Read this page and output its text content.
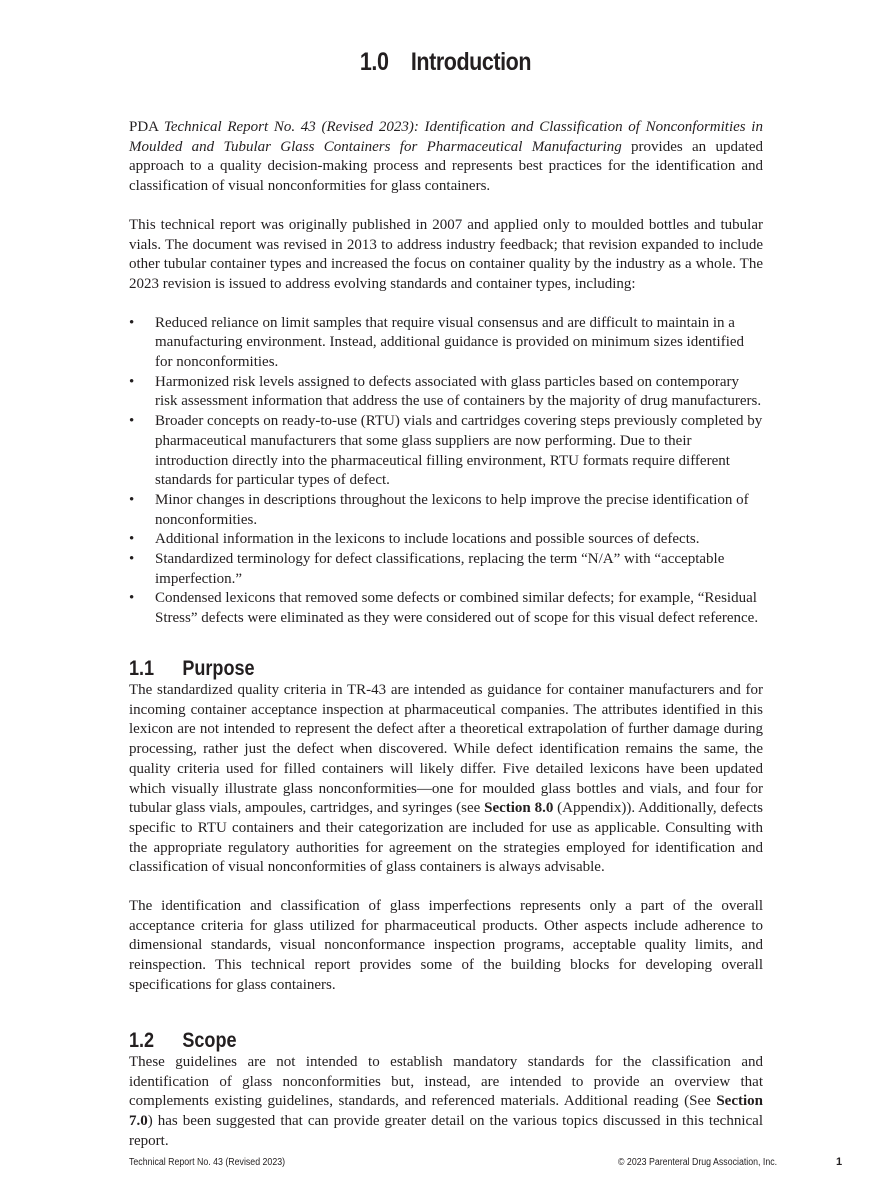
1.0 Introduction

PDA Technical Report No. 43 (Revised 2023): Identification and Classification of Nonconformities in Moulded and Tubular Glass Containers for Pharmaceutical Manufacturing provides an updated approach to a quality decision-making process and represents best practices for the identification and classification of visual nonconformities for glass containers.

This technical report was originally published in 2007 and applied only to moulded bottles and tubular vials. The document was revised in 2013 to address industry feedback; that revision expanded to include other tubular container types and increased the focus on container quality by the industry as a whole. The 2023 revision is issued to address evolving standards and container types, including:

• Reduced reliance on limit samples that require visual consensus and are difficult to maintain in a manufacturing environment. Instead, additional guidance is provided on minimum sizes identified for nonconformities.
• Harmonized risk levels assigned to defects associated with glass particles based on contemporary risk assessment information that address the use of containers by the majority of drug manufacturers.
• Broader concepts on ready-to-use (RTU) vials and cartridges covering steps previously completed by pharmaceutical manufacturers that some glass suppliers are now performing. Due to their introduction directly into the pharmaceutical filling environment, RTU formats require different standards for particular types of defect.
• Minor changes in descriptions throughout the lexicons to help improve the precise identification of nonconformities.
• Additional information in the lexicons to include locations and possible sources of defects.
• Standardized terminology for defect classifications, replacing the term “N/A” with “acceptable imperfection.”
• Condensed lexicons that removed some defects or combined similar defects; for example, “Residual Stress” defects were eliminated as they were considered out of scope for this visual defect reference.
1.1 Purpose

The standardized quality criteria in TR-43 are intended as guidance for container manufacturers and for incoming container acceptance inspection at pharmaceutical companies. The attributes identified in this lexicon are not intended to represent the defect after a theoretical extrapolation of further damage during processing, rather just the defect when discovered. While defect identification remains the same, the quality criteria used for filled containers will likely differ. Five detailed lexicons have been updated which visually illustrate glass nonconformities—one for moulded glass bottles and vials, and four for tubular glass vials, ampoules, cartridges, and syringes (see Section 8.0 (Appendix)). Additionally, defects specific to RTU containers and their categorization are included for use as applicable. Consulting with the appropriate regulatory authorities for agreement on the strategies employed for identification and classification of visual nonconformities of glass containers is always advisable.

The identification and classification of glass imperfections represents only a part of the overall acceptance criteria for glass utilized for pharmaceutical products. Other aspects include adherence to dimensional standards, visual nonconformance inspection programs, acceptable quality limits, and reinspection. This technical report provides some of the building blocks for developing overall specifications for glass containers.

1.2 Scope

These guidelines are not intended to establish mandatory standards for the classification and identification of glass nonconformities but, instead, are intended to provide an overview that complements existing guidelines, standards, and referenced materials. Additional reading (See Section 7.0) has been suggested that can provide greater detail on the various topics discussed in this technical report.

Technical Report No. 43 (Revised 2023)	© 2023 Parenteral Drug Association, Inc.	1
